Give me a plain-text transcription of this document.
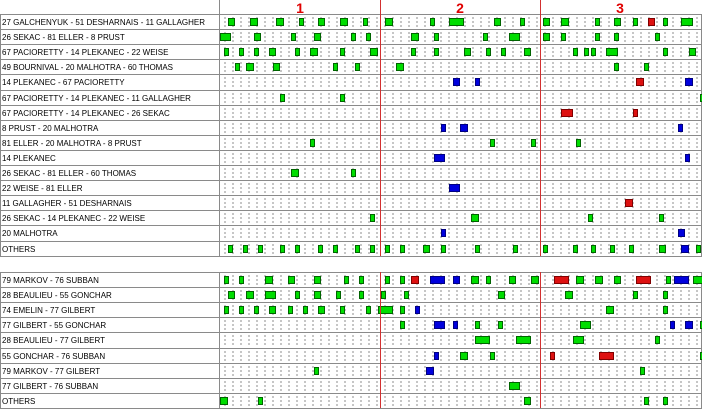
1	2	3
27 GALCHENYUK - 51 DESHARNAIS - 11 GALLAGHER
26 SEKAC - 81 ELLER - 8 PRUST
67 PACIORETTY - 14 PLEKANEC - 22 WEISE
49 BOURNIVAL - 20 MALHOTRA - 60 THOMAS
14 PLEKANEC - 67 PACIORETTY
67 PACIORETTY - 14 PLEKANEC - 11 GALLAGHER
67 PACIORETTY - 14 PLEKANEC - 26 SEKAC
8 PRUST - 20 MALHOTRA
81 ELLER - 20 MALHOTRA - 8 PRUST
14 PLEKANEC
26 SEKAC - 81 ELLER - 60 THOMAS
22 WEISE - 81 ELLER
11 GALLAGHER - 51 DESHARNAIS
26 SEKAC - 14 PLEKANEC - 22 WEISE
20 MALHOTRA
OTHERS
79 MARKOV - 76 SUBBAN
28 BEAULIEU - 55 GONCHAR
74 EMELIN - 77 GILBERT
77 GILBERT - 55 GONCHAR
28 BEAULIEU - 77 GILBERT
55 GONCHAR - 76 SUBBAN
79 MARKOV - 77 GILBERT
77 GILBERT - 76 SUBBAN
OTHERS
